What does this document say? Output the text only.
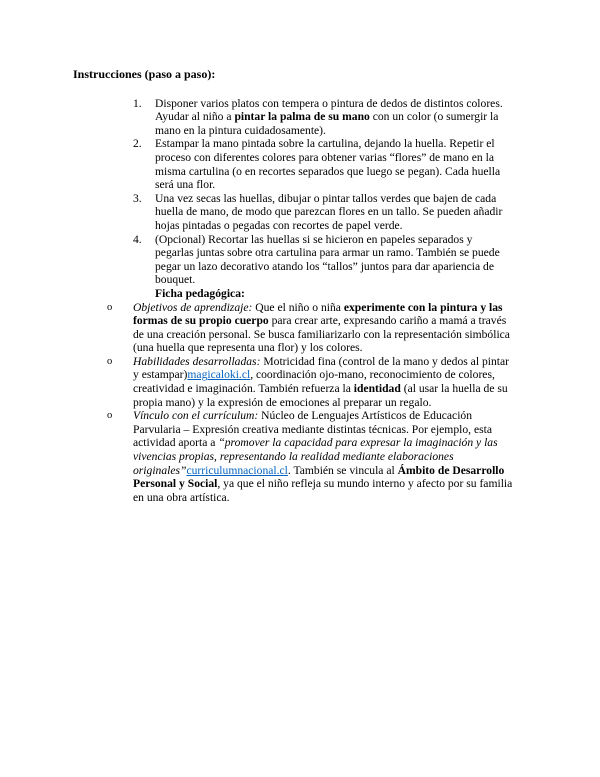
Instrucciones (paso a paso):
1.	Disponer varios platos con tempera o pintura de dedos de distintos colores. Ayudar al niño a pintar la palma de su mano con un color (o sumergir la mano en la pintura cuidadosamente).
2.	Estampar la mano pintada sobre la cartulina, dejando la huella. Repetir el proceso con diferentes colores para obtener varias “flores” de mano en la misma cartulina (o en recortes separados que luego se pegan). Cada huella será una flor.
3.	Una vez secas las huellas, dibujar o pintar tallos verdes que bajen de cada huella de mano, de modo que parezcan flores en un tallo. Se pueden añadir hojas pintadas o pegadas con recortes de papel verde.
4.	(Opcional) Recortar las huellas si se hicieron en papeles separados y pegarlas juntas sobre otra cartulina para armar un ramo. También se puede pegar un lazo decorativo atando los “tallos” juntos para dar apariencia de bouquet.
Ficha pedagógica:
o	Objetivos de aprendizaje: Que el niño o niña experimente con la pintura y las formas de su propio cuerpo para crear arte, expresando cariño a mamá a través de una creación personal. Se busca familiarizarlo con la representación simbólica (una huella que representa una flor) y los colores.
o	Habilidades desarrolladas: Motricidad fina (control de la mano y dedos al pintar y estampar)magicaloki.cl, coordinación ojo-mano, reconocimiento de colores, creatividad e imaginación. También refuerza la identidad (al usar la huella de su propia mano) y la expresión de emociones al preparar un regalo.
o	Vínculo con el currículum: Núcleo de Lenguajes Artísticos de Educación Parvularia – Expresión creativa mediante distintas técnicas. Por ejemplo, esta actividad aporta a “promover la capacidad para expresar la imaginación y las vivencias propias, representando la realidad mediante elaboraciones originales”curriculumnacional.cl. También se vincula al Ámbito de Desarrollo Personal y Social, ya que el niño refleja su mundo interno y afecto por su familia en una obra artística.
